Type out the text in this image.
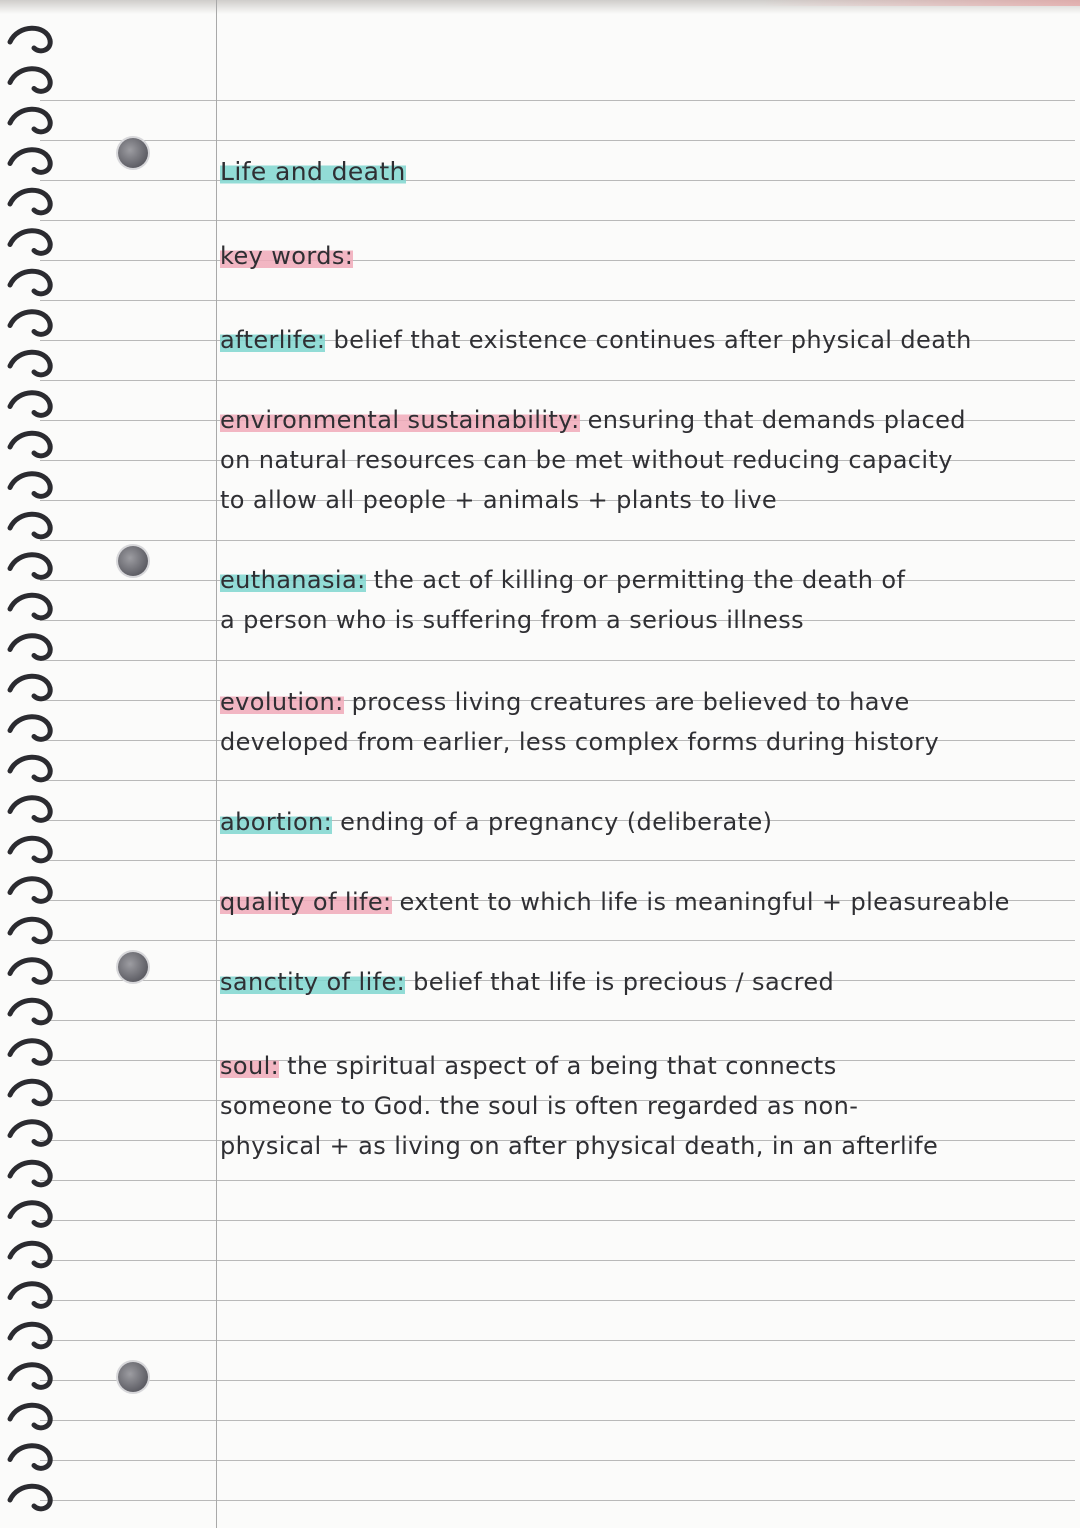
Life and death

key words:

afterlife: belief that existence continues after physical death
environmental sustainability: ensuring that demands placed
on natural resources can be met without reducing capacity
to allow all people + animals + plants to live
euthanasia: the act of killing or permitting the death of
a person who is suffering from a serious illness
evolution: process living creatures are believed to have
developed from earlier, less complex forms during history
abortion: ending of a pregnancy (deliberate)
quality of life: extent to which life is meaningful + pleasureable
sanctity of life: belief that life is precious / sacred
soul: the spiritual aspect of a being that connects
someone to God. the soul is often regarded as non-
physical + as living on after physical death, in an afterlife
